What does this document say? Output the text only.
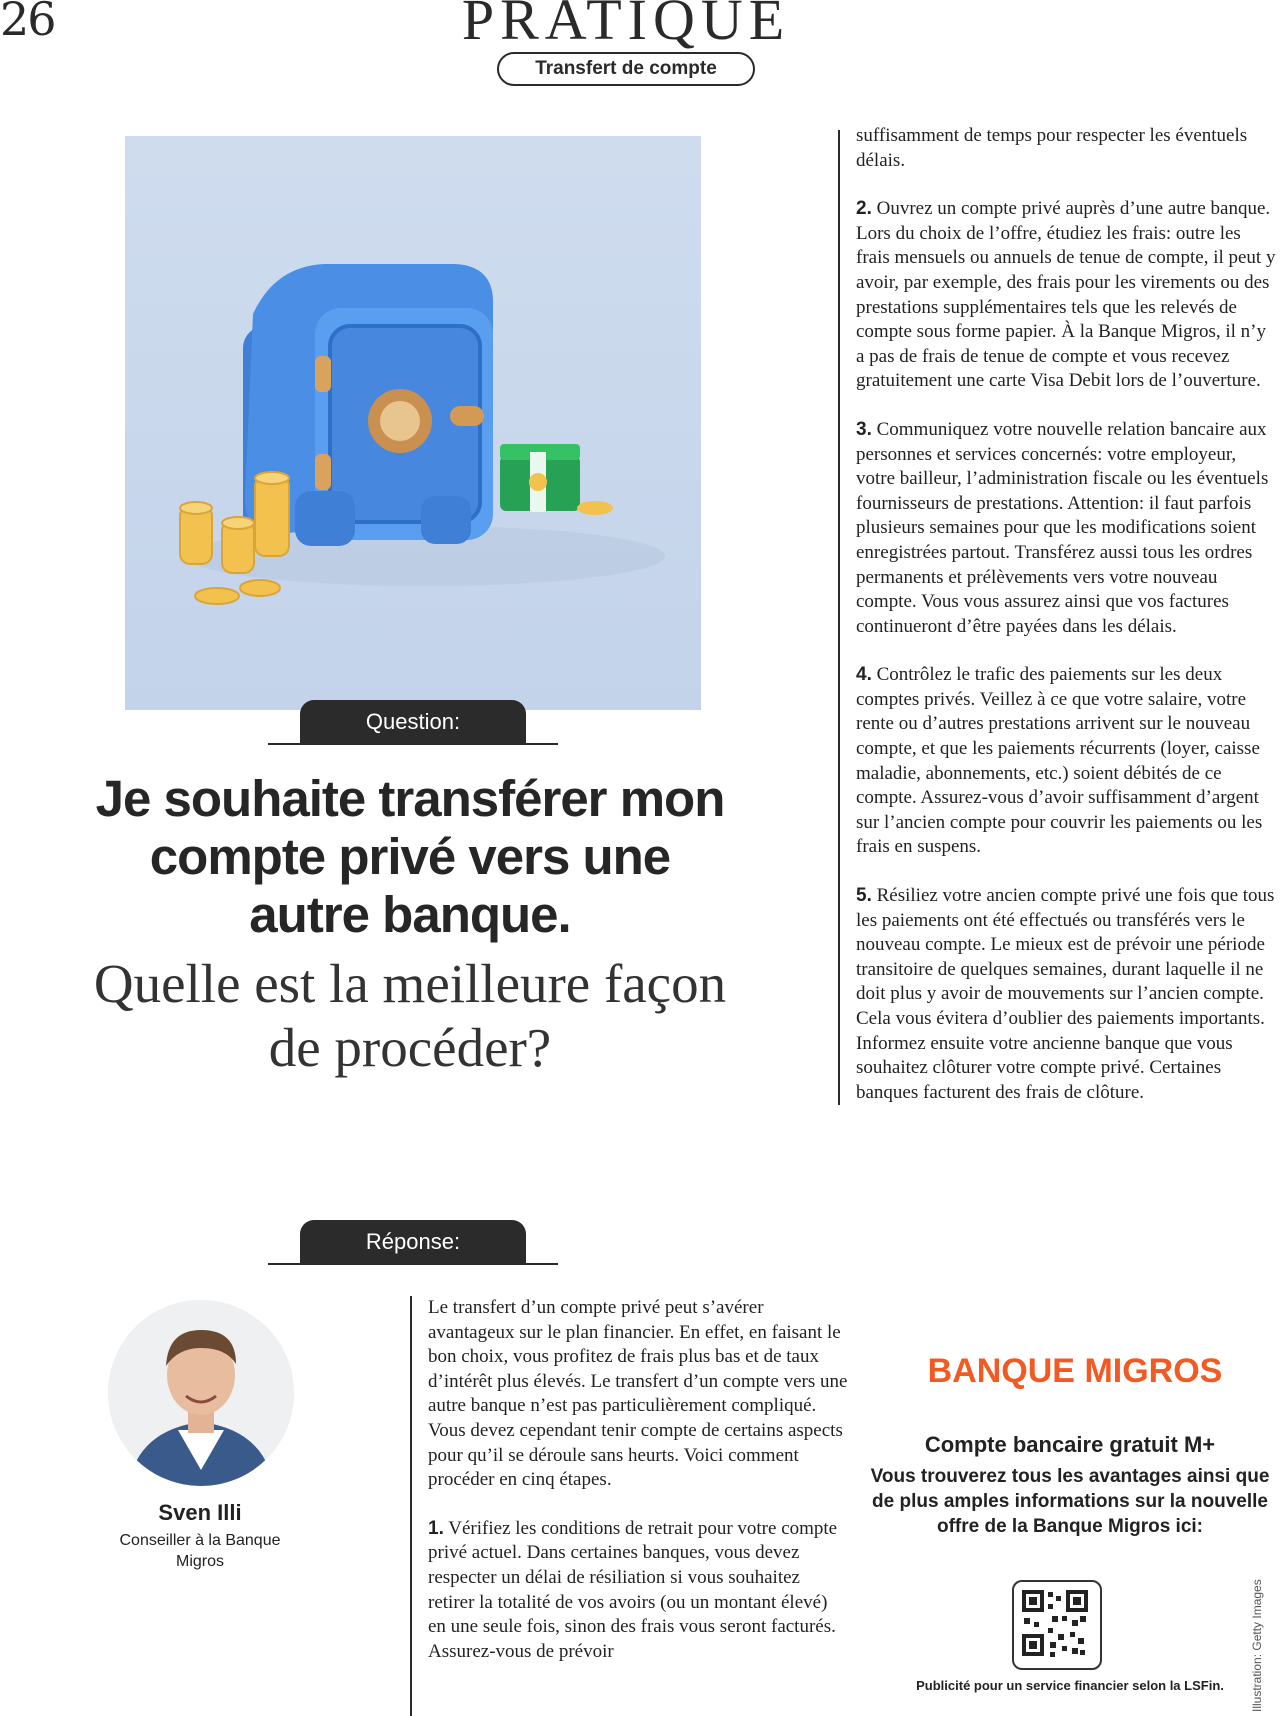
26	PRATIQUE
Transfert de compte
Question:
Je souhaite transférer mon compte privé vers une autre banque.
Quelle est la meilleure façon de procéder?
Réponse:
Sven Illi
Conseiller à la Banque Migros

Le transfert d’un compte privé peut s’avérer avantageux sur le plan financier. En effet, en faisant le bon choix, vous profitez de frais plus bas et de taux d’intérêt plus élevés. Le transfert d’un compte vers une autre banque n’est pas particulièrement compliqué. Vous devez cependant tenir compte de certains aspects pour qu’il se déroule sans heurts. Voici comment procéder en cinq étapes.

1. Vérifiez les conditions de retrait pour votre compte privé actuel. Dans certaines banques, vous devez respecter un délai de résiliation si vous souhaitez retirer la totalité de vos avoirs (ou un montant élevé) en une seule fois, sinon des frais vous seront facturés. Assurez-vous de prévoir

suffisamment de temps pour respecter les éventuels délais.

2. Ouvrez un compte privé auprès d’une autre banque. Lors du choix de l’offre, étudiez les frais: outre les frais mensuels ou annuels de tenue de compte, il peut y avoir, par exemple, des frais pour les virements ou des prestations supplémentaires tels que les relevés de compte sous forme papier. À la Banque Migros, il n’y a pas de frais de tenue de compte et vous recevez gratuitement une carte Visa Debit lors de l’ouverture.

3. Communiquez votre nouvelle relation bancaire aux personnes et services concernés: votre employeur, votre bailleur, l’administration fiscale ou les éventuels fournisseurs de prestations. Attention: il faut parfois plusieurs semaines pour que les modifications soient enregistrées partout. Transférez aussi tous les ordres permanents et prélèvements vers votre nouveau compte. Vous vous assurez ainsi que vos factures continueront d’être payées dans les délais.

4. Contrôlez le trafic des paiements sur les deux comptes privés. Veillez à ce que votre salaire, votre rente ou d’autres prestations arrivent sur le nouveau compte, et que les paiements récurrents (loyer, caisse maladie, abonnements, etc.) soient débités de ce compte. Assurez-vous d’avoir suffisamment d’argent sur l’ancien compte pour couvrir les paiements ou les frais en suspens.

5. Résiliez votre ancien compte privé une fois que tous les paiements ont été effectués ou transférés vers le nouveau compte. Le mieux est de prévoir une période transitoire de quelques semaines, durant laquelle il ne doit plus y avoir de mouvements sur l’ancien compte. Cela vous évitera d’oublier des paiements importants. Informez ensuite votre ancienne banque que vous souhaitez clôturer votre compte privé. Certaines banques facturent des frais de clôture.

BANQUE MIGROS
Compte bancaire gratuit M+
Vous trouverez tous les avantages ainsi que de plus amples informations sur la nouvelle offre de la Banque Migros ici:
Publicité pour un service financier selon la LSFin.	Illustration: Getty Images
